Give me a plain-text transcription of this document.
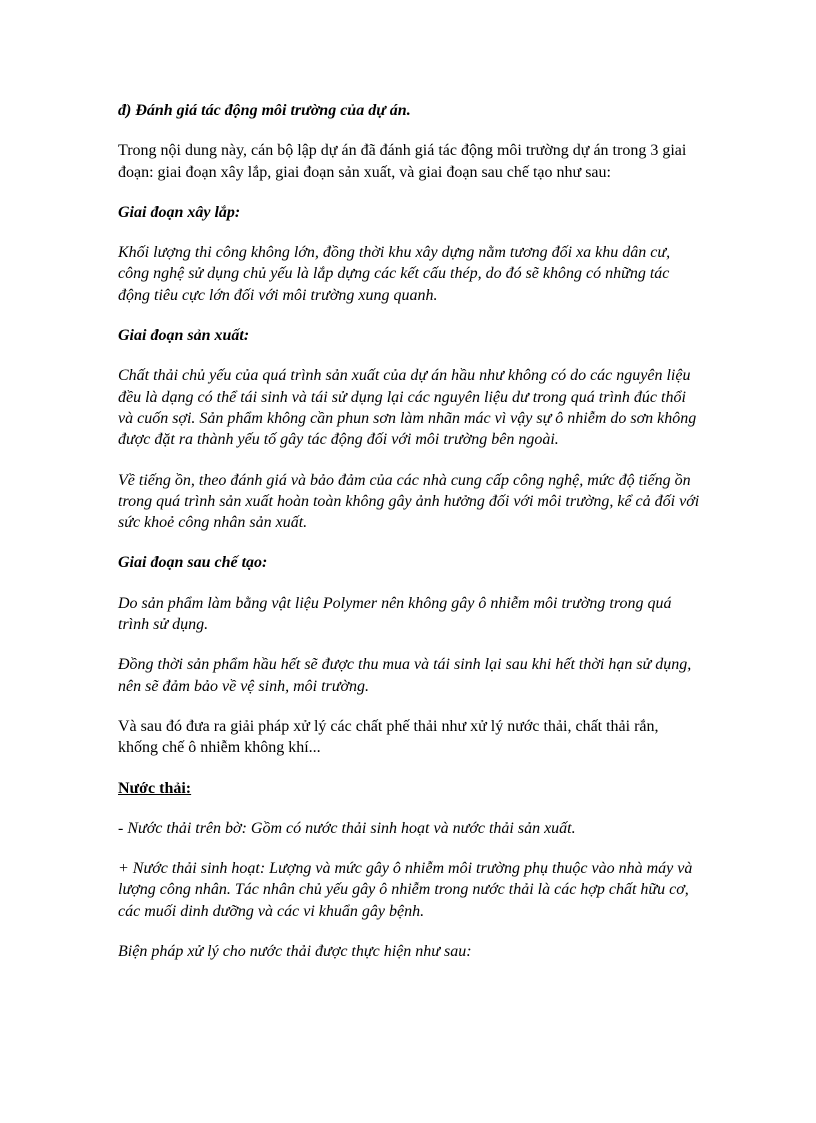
đ) Đánh giá tác động môi trường của dự án.

Trong nội dung này, cán bộ lập dự án đã đánh giá tác động môi trường dự án trong 3 giai đoạn: giai đoạn xây lắp, giai đoạn sản xuất, và giai đoạn sau chế tạo như sau:

Giai đoạn xây lắp:

Khối lượng thi công không lớn, đồng thời khu xây dựng nằm tương đối xa khu dân cư, công nghệ sử dụng chủ yếu là lắp dựng các kết cấu thép, do đó sẽ không có những tác động tiêu cực lớn đối với môi trường xung quanh.

Giai đoạn sản xuất:

Chất thải chủ yếu của quá trình sản xuất của dự án hầu như không có do các nguyên liệu đều là dạng có thể tái sinh và tái sử dụng lại các nguyên liệu dư trong quá trình đúc thổi và cuốn sợi. Sản phẩm không cần phun sơn làm nhãn mác vì vậy sự ô nhiễm do sơn không được đặt ra thành yếu tố gây tác động đối với môi trường bên ngoài.

Về tiếng ồn, theo đánh giá và bảo đảm của các nhà cung cấp công nghệ, mức độ tiếng ồn trong quá trình sản xuất hoàn toàn không gây ảnh hưởng đối với môi trường, kể cả đối với sức khoẻ công nhân sản xuất.

Giai đoạn sau chế tạo:

Do sản phẩm làm bằng vật liệu Polymer nên không gây ô nhiễm môi trường trong quá trình sử dụng.

Đồng thời sản phẩm hầu hết sẽ được thu mua và tái sinh lại sau khi hết thời hạn sử dụng, nên sẽ đảm bảo về vệ sinh, môi trường.

Và sau đó đưa ra giải pháp xử lý các chất phế thải như xử lý nước thải, chất thải rắn, khống chế ô nhiễm không khí...

Nước thải:

- Nước thải trên bờ: Gồm có nước thải sinh hoạt và nước thải sản xuất.

+ Nước thải sinh hoạt: Lượng và mức gây ô nhiễm môi trường phụ thuộc vào nhà máy và lượng công nhân. Tác nhân chủ yếu gây ô nhiễm trong nước thải là các hợp chất hữu cơ, các muối dinh dưỡng và các vi khuẩn gây bệnh.

Biện pháp xử lý cho nước thải được thực hiện như sau:
